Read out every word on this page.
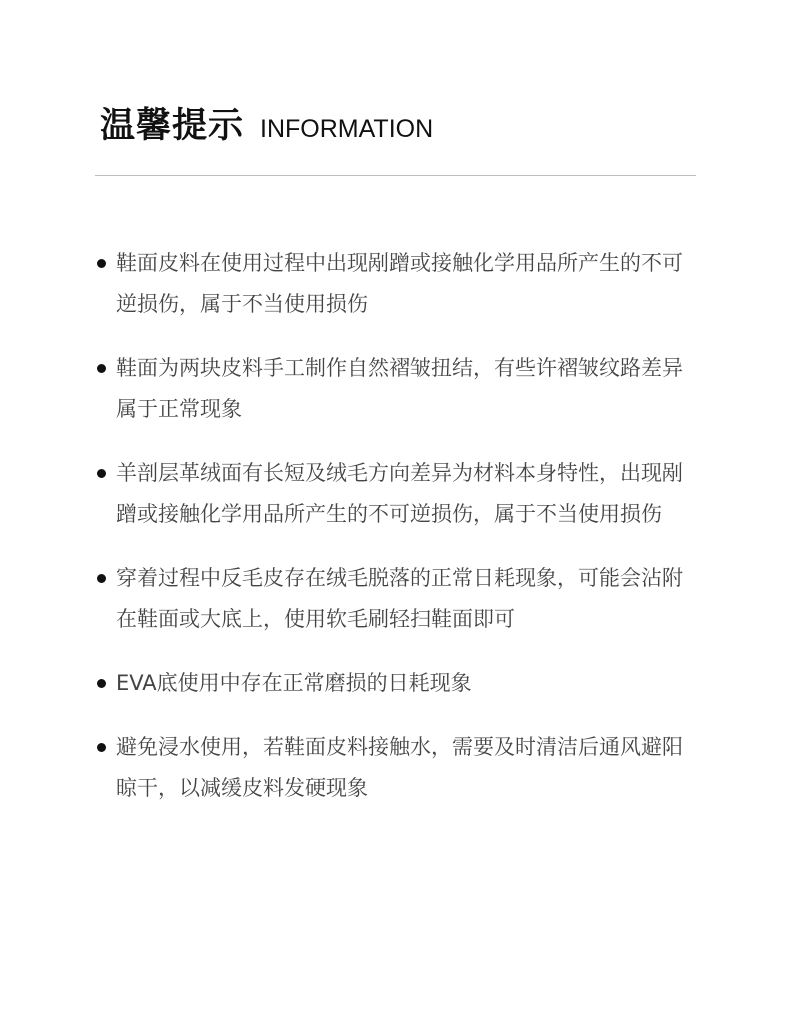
温馨提示 INFORMATION
鞋面皮料在使用过程中出现剐蹭或接触化学用品所产生的不可逆损伤，属于不当使用损伤
鞋面为两块皮料手工制作自然褶皱扭结，有些许褶皱纹路差异属于正常现象
羊剖层革绒面有长短及绒毛方向差异为材料本身特性，出现剐蹭或接触化学用品所产生的不可逆损伤，属于不当使用损伤
穿着过程中反毛皮存在绒毛脱落的正常日耗现象，可能会沾附在鞋面或大底上，使用软毛刷轻扫鞋面即可
EVA底使用中存在正常磨损的日耗现象
避免浸水使用，若鞋面皮料接触水，需要及时清洁后通风避阳晾干，以减缓皮料发硬现象
